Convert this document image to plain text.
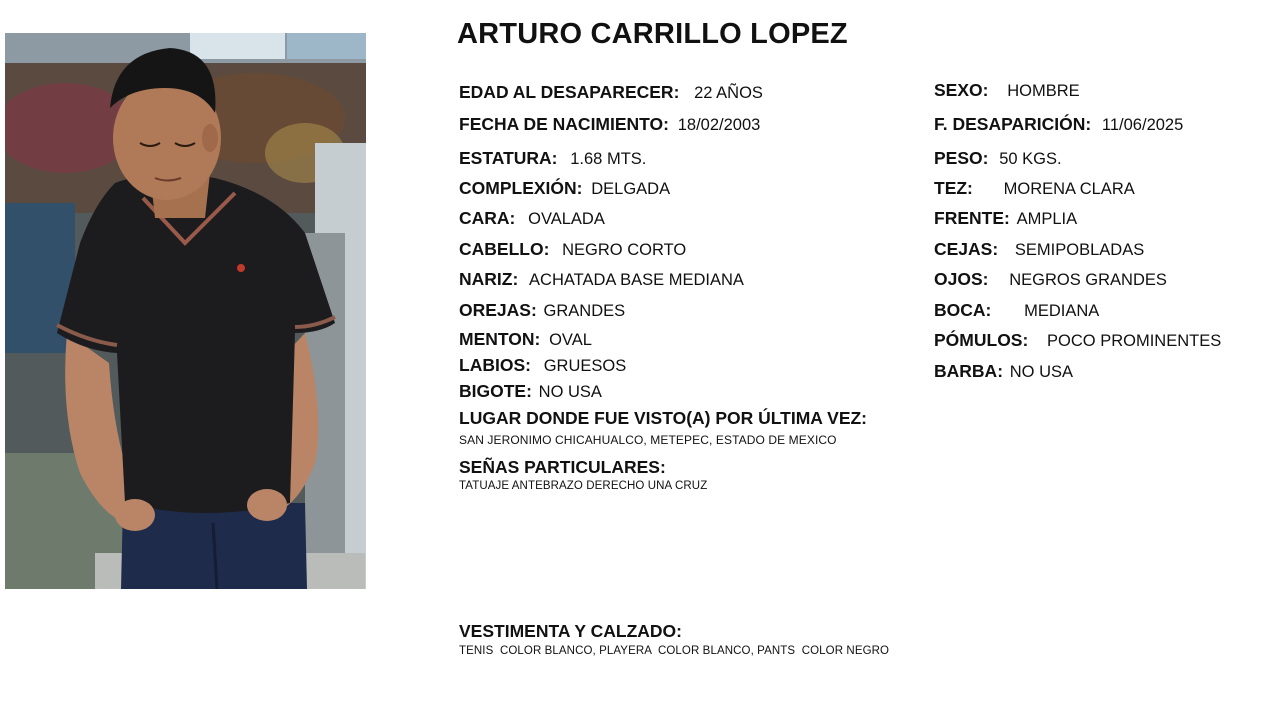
ARTURO CARRILLO LOPEZ
EDAD AL DESAPARECER: 22 AÑOS
FECHA DE NACIMIENTO: 18/02/2003
ESTATURA: 1.68 MTS.
COMPLEXIÓN: DELGADA
CARA: OVALADA
CABELLO: NEGRO CORTO
NARIZ: ACHATADA BASE MEDIANA
OREJAS: GRANDES
MENTON: OVAL
LABIOS: GRUESOS
BIGOTE: NO USA
SEXO: HOMBRE
F. DESAPARICIÓN: 11/06/2025
PESO: 50 KGS.
TEZ: MORENA CLARA
FRENTE: AMPLIA
CEJAS: SEMIPOBLADAS
OJOS: NEGROS GRANDES
BOCA: MEDIANA
PÓMULOS: POCO PROMINENTES
BARBA: NO USA
LUGAR DONDE FUE VISTO(A) POR ÚLTIMA VEZ:
SAN JERONIMO CHICAHUALCO, METEPEC, ESTADO DE MEXICO
SEÑAS PARTICULARES:
TATUAJE ANTEBRAZO DERECHO UNA CRUZ
VESTIMENTA Y CALZADO:
TENIS  COLOR BLANCO, PLAYERA  COLOR BLANCO, PANTS  COLOR NEGRO
